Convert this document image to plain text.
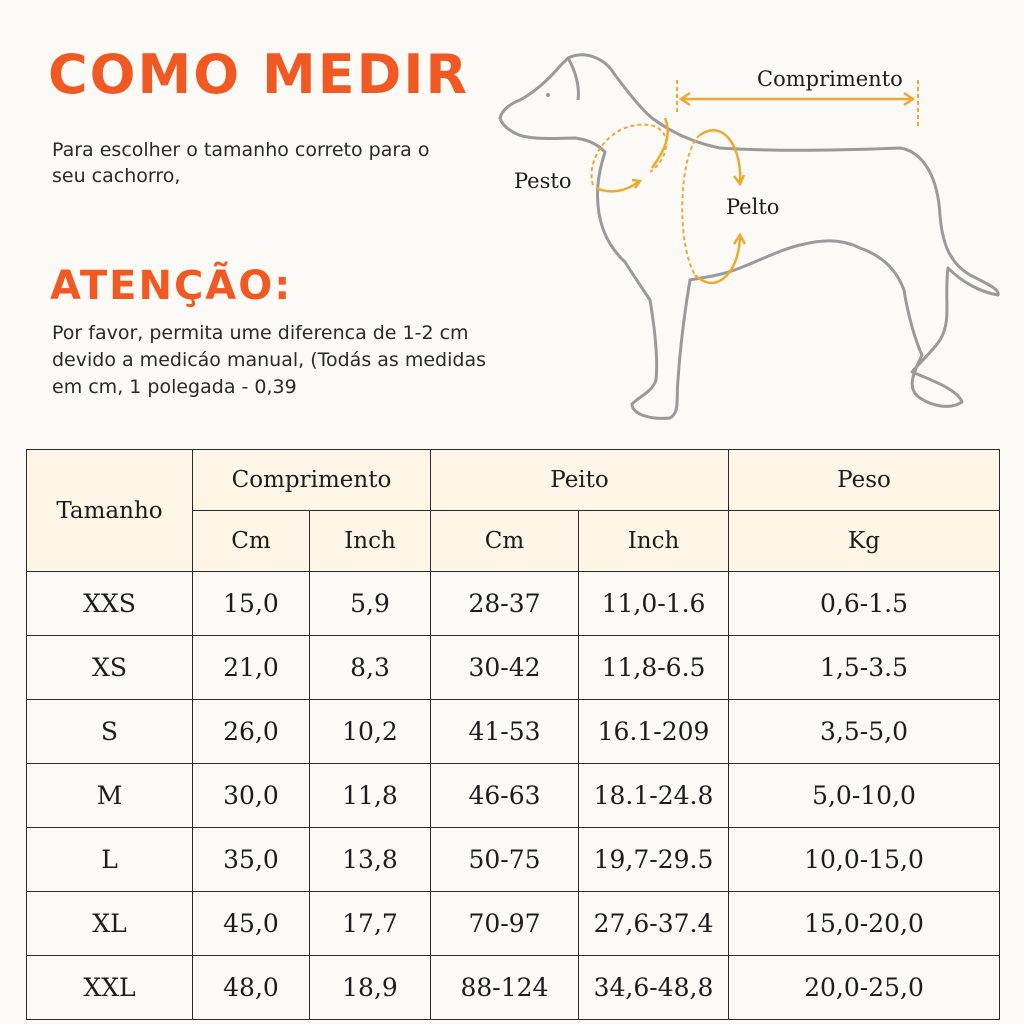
COMO MEDIR
Para escolher o tamanho correto para o seu cachorro,
ATENÇÃO:
Por favor, permita ume diferenca de 1-2 cm devido a medicáo manual, (Todás as medidas em cm, 1 polegada - 0,39
Comprimento
Pesto
Pelto
Tamanho	Comprimento		Peito		Peso
	Cm	Inch	Cm	Inch	Kg
XXS	15,0	5,9	28-37	11,0-1.6	0,6-1.5
XS	21,0	8,3	30-42	11,8-6.5	1,5-3.5
S	26,0	10,2	41-53	16.1-209	3,5-5,0
M	30,0	11,8	46-63	18.1-24.8	5,0-10,0
L	35,0	13,8	50-75	19,7-29.5	10,0-15,0
XL	45,0	17,7	70-97	27,6-37.4	15,0-20,0
XXL	48,0	18,9	88-124	34,6-48,8	20,0-25,0
